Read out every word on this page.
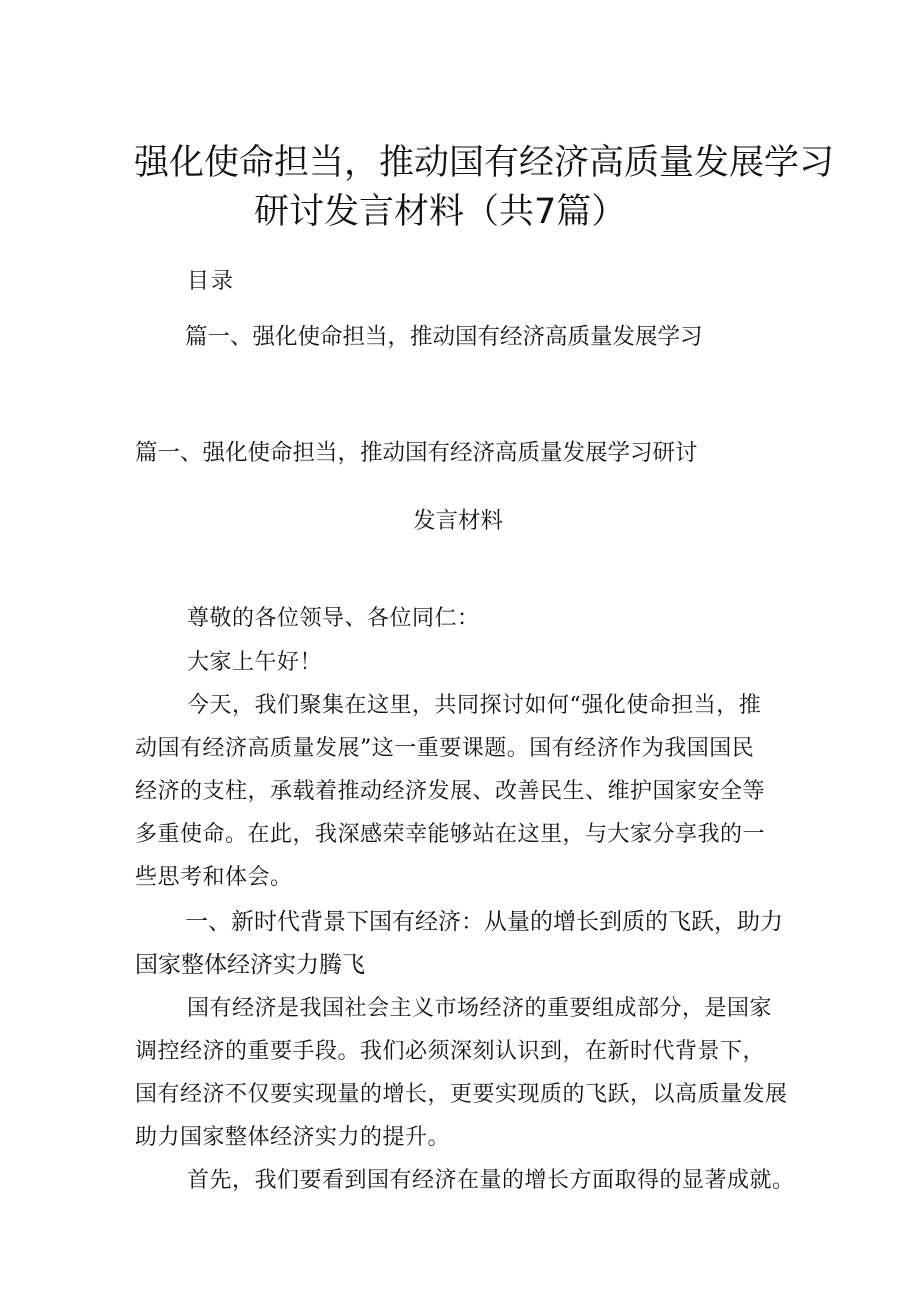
强化使命担当，推动国有经济高质量发展学习
研讨发言材料（共7篇）
目录
篇一、强化使命担当，推动国有经济高质量发展学习
篇一、强化使命担当，推动国有经济高质量发展学习研讨
发言材料
尊敬的各位领导、各位同仁：
大家上午好！
今天，我们聚集在这里，共同探讨如何“强化使命担当，推
动国有经济高质量发展”这一重要课题。国有经济作为我国国民
经济的支柱，承载着推动经济发展、改善民生、维护国家安全等
多重使命。在此，我深感荣幸能够站在这里，与大家分享我的一
些思考和体会。
一、新时代背景下国有经济：从量的增长到质的飞跃，助力
国家整体经济实力腾飞
国有经济是我国社会主义市场经济的重要组成部分，是国家
调控经济的重要手段。我们必须深刻认识到，在新时代背景下，
国有经济不仅要实现量的增长，更要实现质的飞跃，以高质量发展
助力国家整体经济实力的提升。
首先，我们要看到国有经济在量的增长方面取得的显著成就。
